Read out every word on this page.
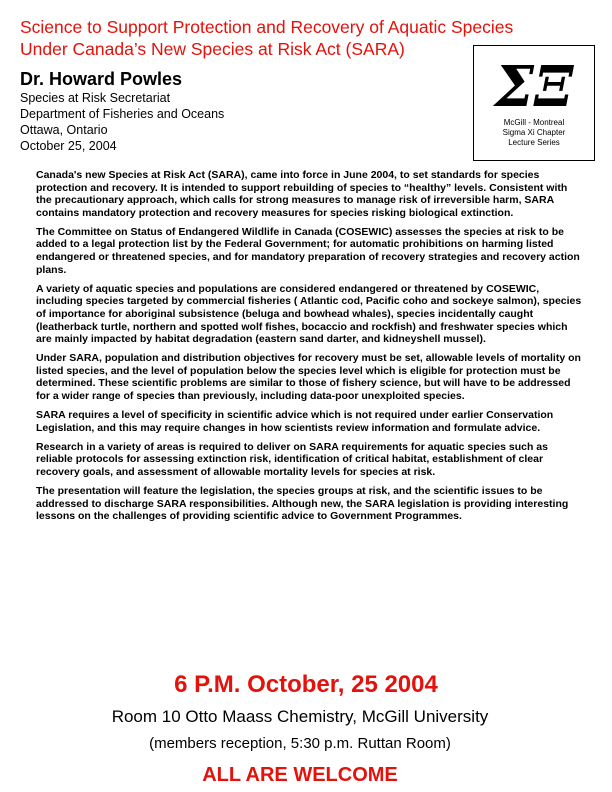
Science to Support Protection and Recovery of Aquatic Species
Under Canada’s New Species at Risk Act (SARA)
Dr. Howard Powles
Species at Risk Secretariat
Department of Fisheries and Oceans
Ottawa, Ontario
October 25, 2004
ΣΞ
McGill - Montreal
Sigma Xi Chapter
Lecture Series

Canada's new Species at Risk Act (SARA), came into force in June 2004, to set standards for species protection and recovery. It is intended to support rebuilding of species to “healthy” levels. Consistent with the precautionary approach, which calls for strong measures to manage risk of irreversible harm, SARA contains mandatory protection and recovery measures for species risking biological extinction.

The Committee on Status of Endangered Wildlife in Canada (COSEWIC) assesses the species at risk to be added to a legal protection list by the Federal Government; for automatic prohibitions on harming listed endangered or threatened species, and for mandatory preparation of recovery strategies and recovery action plans.

A variety of aquatic species and populations are considered endangered or threatened by COSEWIC, including species targeted by commercial fisheries ( Atlantic cod, Pacific coho and sockeye salmon), species of importance for aboriginal subsistence (beluga and bowhead whales), species incidentally caught (leatherback turtle, northern and spotted wolf fishes, bocaccio and rockfish) and freshwater species which are mainly impacted by habitat degradation (eastern sand darter, and kidneyshell mussel).

Under SARA, population and distribution objectives for recovery must be set, allowable levels of mortality on listed species, and the level of population below the species level which is eligible for protection must be determined. These scientific problems are similar to those of fishery science, but will have to be addressed for a wider range of species than previously, including data-poor unexploited species.

SARA requires a level of specificity in scientific advice which is not required under earlier Conservation Legislation, and this may require changes in how scientists review information and formulate advice.

Research in a variety of areas is required to deliver on SARA requirements for aquatic species such as reliable protocols for assessing extinction risk, identification of critical habitat, establishment of clear recovery goals, and assessment of allowable mortality levels for species at risk.

The presentation will feature the legislation, the species groups at risk, and the scientific issues to be addressed to discharge SARA responsibilities. Although new, the SARA legislation is providing interesting lessons on the challenges of providing scientific advice to Government Programmes.

6 P.M. October, 25 2004
Room 10 Otto Maass Chemistry, McGill University
(members reception, 5:30 p.m. Ruttan Room)
ALL ARE WELCOME
